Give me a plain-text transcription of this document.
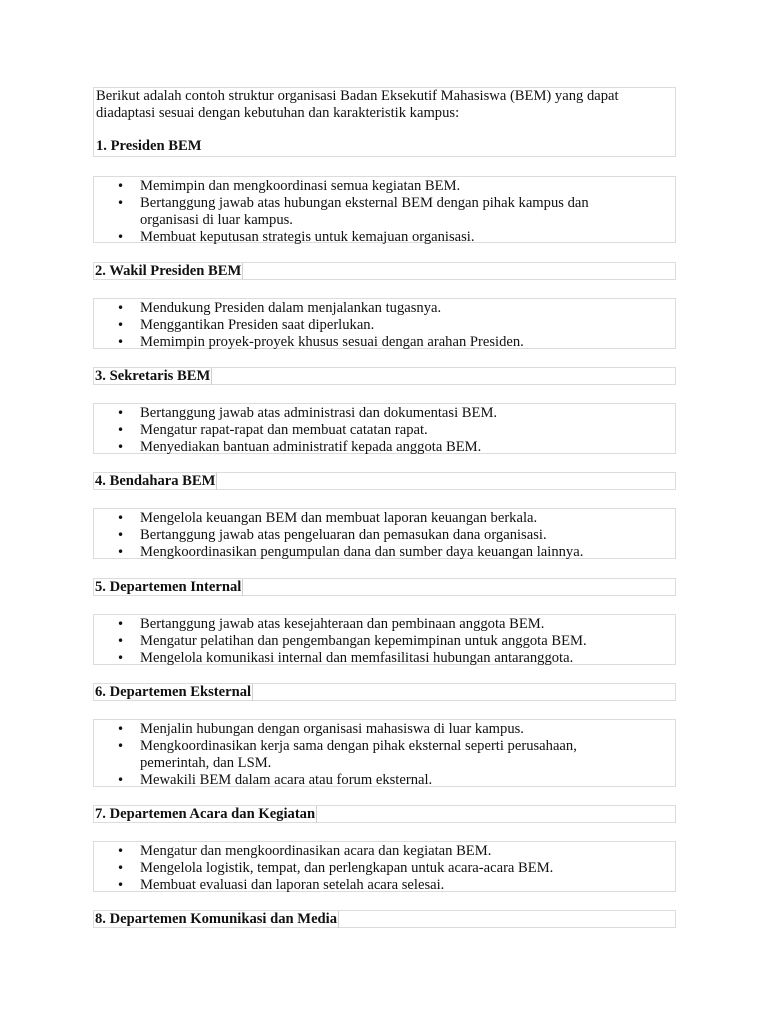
Berikut adalah contoh struktur organisasi Badan Eksekutif Mahasiswa (BEM) yang dapat diadaptasi sesuai dengan kebutuhan dan karakteristik kampus:

1. Presiden BEM

• Memimpin dan mengkoordinasi semua kegiatan BEM.
• Bertanggung jawab atas hubungan eksternal BEM dengan pihak kampus dan organisasi di luar kampus.
• Membuat keputusan strategis untuk kemajuan organisasi.
2. Wakil Presiden BEM
• Mendukung Presiden dalam menjalankan tugasnya.
• Menggantikan Presiden saat diperlukan.
• Memimpin proyek-proyek khusus sesuai dengan arahan Presiden.
3. Sekretaris BEM
• Bertanggung jawab atas administrasi dan dokumentasi BEM.
• Mengatur rapat-rapat dan membuat catatan rapat.
• Menyediakan bantuan administratif kepada anggota BEM.
4. Bendahara BEM
• Mengelola keuangan BEM dan membuat laporan keuangan berkala.
• Bertanggung jawab atas pengeluaran dan pemasukan dana organisasi.
• Mengkoordinasikan pengumpulan dana dan sumber daya keuangan lainnya.
5. Departemen Internal
• Bertanggung jawab atas kesejahteraan dan pembinaan anggota BEM.
• Mengatur pelatihan dan pengembangan kepemimpinan untuk anggota BEM.
• Mengelola komunikasi internal dan memfasilitasi hubungan antaranggota.
6. Departemen Eksternal
• Menjalin hubungan dengan organisasi mahasiswa di luar kampus.
• Mengkoordinasikan kerja sama dengan pihak eksternal seperti perusahaan, pemerintah, dan LSM.
• Mewakili BEM dalam acara atau forum eksternal.
7. Departemen Acara dan Kegiatan
• Mengatur dan mengkoordinasikan acara dan kegiatan BEM.
• Mengelola logistik, tempat, dan perlengkapan untuk acara-acara BEM.
• Membuat evaluasi dan laporan setelah acara selesai.
8. Departemen Komunikasi dan Media
